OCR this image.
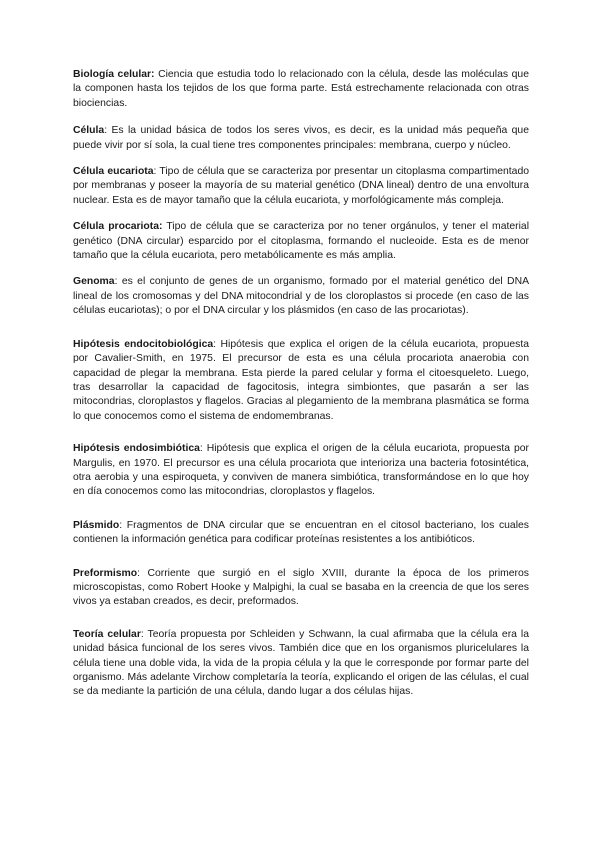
Biología celular: Ciencia que estudia todo lo relacionado con la célula, desde las moléculas que la componen hasta los tejidos de los que forma parte. Está estrechamente relacionada con otras biociencias.

Célula: Es la unidad básica de todos los seres vivos, es decir, es la unidad más pequeña que puede vivir por sí sola, la cual tiene tres componentes principales: membrana, cuerpo y núcleo.

Célula eucariota: Tipo de célula que se caracteriza por presentar un citoplasma compartimentado por membranas y poseer la mayoría de su material genético (DNA lineal) dentro de una envoltura nuclear. Esta es de mayor tamaño que la célula eucariota, y morfológicamente más compleja.

Célula procariota: Tipo de célula que se caracteriza por no tener orgánulos, y tener el material genético (DNA circular) esparcido por el citoplasma, formando el nucleoide. Esta es de menor tamaño que la célula eucariota, pero metabólicamente es más amplia.

Genoma: es el conjunto de genes de un organismo, formado por el material genético del DNA lineal de los cromosomas y del DNA mitocondrial y de los cloroplastos si procede (en caso de las células eucariotas); o por el DNA circular y los plásmidos (en caso de las procariotas).

Hipótesis endocitobiológica: Hipótesis que explica el origen de la célula eucariota, propuesta por Cavalier-Smith, en 1975. El precursor de esta es una célula procariota anaerobia con capacidad de plegar la membrana. Esta pierde la pared celular y forma el citoesqueleto. Luego, tras desarrollar la capacidad de fagocitosis, integra simbiontes, que pasarán a ser las mitocondrias, cloroplastos y flagelos. Gracias al plegamiento de la membrana plasmática se forma lo que conocemos como el sistema de endomembranas.

Hipótesis endosimbiótica: Hipótesis que explica el origen de la célula eucariota, propuesta por Margulis, en 1970. El precursor es una célula procariota que interioriza una bacteria fotosintética, otra aerobia y una espiroqueta, y conviven de manera simbiótica, transformándose en lo que hoy en día conocemos como las mitocondrias, cloroplastos y flagelos.

Plásmido: Fragmentos de DNA circular que se encuentran en el citosol bacteriano, los cuales contienen la información genética para codificar proteínas resistentes a los antibióticos.

Preformismo: Corriente que surgió en el siglo XVIII, durante la época de los primeros microscopistas, como Robert Hooke y Malpighi, la cual se basaba en la creencia de que los seres vivos ya estaban creados, es decir, preformados.

Teoría celular: Teoría propuesta por Schleiden y Schwann, la cual afirmaba que la célula era la unidad básica funcional de los seres vivos. También dice que en los organismos pluricelulares la célula tiene una doble vida, la vida de la propia célula y la que le corresponde por formar parte del organismo. Más adelante Virchow completaría la teoría, explicando el origen de las células, el cual se da mediante la partición de una célula, dando lugar a dos células hijas.
